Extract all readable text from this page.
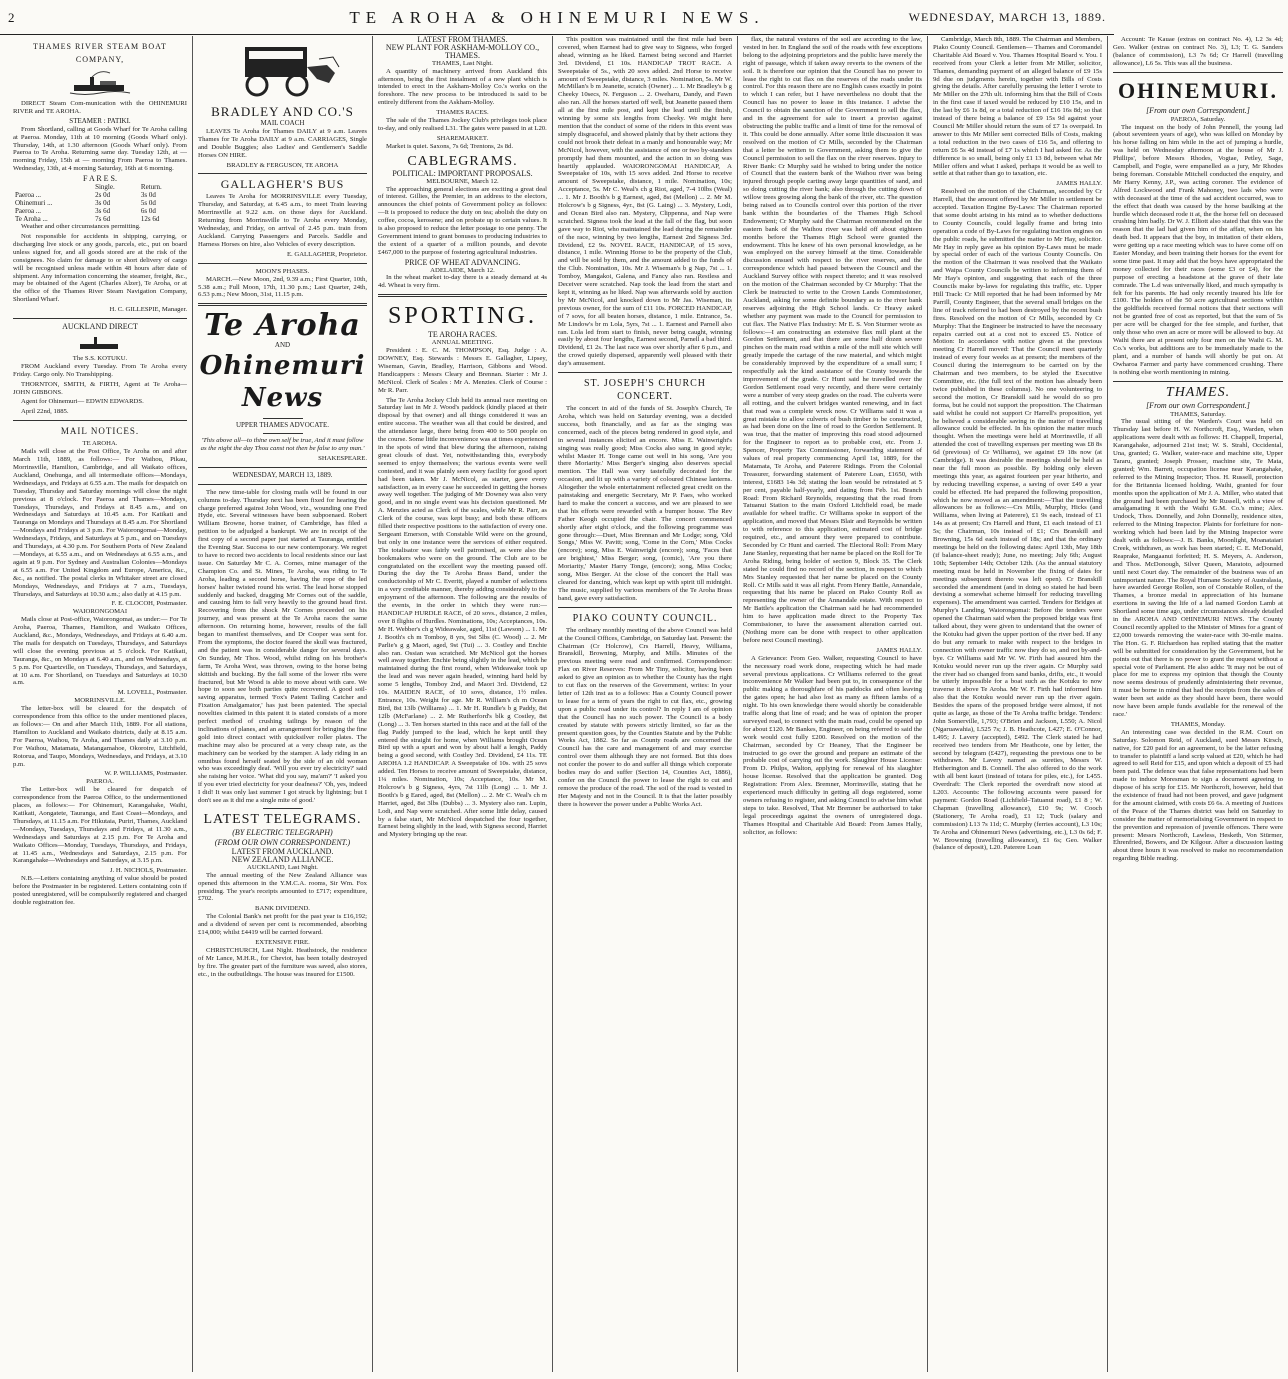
2	TE AROHA & OHINEMURI NEWS.	WEDNESDAY, MARCH 13, 1889.
THAMES RIVER STEAM BOAT COMPANY,

DIRECT Steam Com-munication with the OHINEMURI RIVER and TE AROHA.

STEAMER : PATIKI.

From Shortland, calling at Goods Wharf for Te Aroha calling at Paeroa. Monday, 11th at 10 morning (Goods Wharf only). Thursday, 14th, at 1.30 afternoon (Goods Wharf only). From Paeroa to Te Aroha. Returning same day. Tuesday 12th, at — morning Friday, 15th at — morning From Paeroa to Thames. Wednesday, 13th, at 4 morning Saturday, 16th at 6 morning.

F A R E S.
	Single.	Return.
Paeroa ...	2s 0d	3s 0d
Ohinemuri ...	3s 0d	5s 0d
Paeroa ...	3s 6d	6s 0d
Te Aroha ...	7s 6d	12s 6d

Weather and other circumstances permitting.

Not responsible for accidents in shipping, carrying, or discharging live stock or any goods, parcels, etc., put on board unless signed for, and all goods stored are at the risk of the consignees. No claim for damage to or short delivery of cargo will be recognised unless made within 48 hours after date of shipment. Any information concerning the steamer, freight, &c., may be obtained of the Agent (Charles Alzer), Te Aroha, or at the office of the Thames River Steam Navigation Company, Shortland Wharf.

H. C. GILLESPIE, Manager.
AUCKLAND DIRECT
The S.S. KOTUKU.

FROM Auckland every Tuesday. From Te Aroha every Friday. Cargo only. No Transhipping.

THORNTON, SMITH, & FIRTH, Agent at Te Aroha— JOHN GIBBONS.

Agent for Ohinemuri— EDWIN EDWARDS.

April 22nd, 1885.

MAIL NOTICES.
TE AROHA.

Mails will close at the Post Office, Te Aroha on and after March 11th, 1889, as follows:— For Waihou, Pikau, Morrinsville, Hamilton, Cambridge, and all Waikato offices, Auckland, Onehunga, and all intermediate offices—Mondays, Wednesdays, and Fridays at 6.55 a.m. The mails for despatch on Tuesday, Thursday and Saturday mornings will close the night previous at 8 o'clock. For Paeroa and Thames—Mondays, Tuesdays, Thursdays, and Fridays at 8.45 a.m., and on Wednesdays and Saturdays at 10.45 a.m. For Katikati and Tauranga on Mondays and Thursdays at 8.45 a.m. For Shortland—Mondays and Fridays at 3 p.m. For Waiorongomai—Monday, Wednesdays, Fridays, and Saturdays at 5 p.m., and on Tuesdays and Thursdays, at 4.30 p.m. For Southern Ports of New Zealand—Mondays, at 6.55 a.m., and on Wednesdays at 6.55 a.m., and again at 9 p.m. For Sydney and Australian Colonies—Mondays at 6.55 a.m. For United Kingdom and Europe, America, &c., &c., as notified. The postal clerks in Whitaker street are closed Mondays, Wednesdays, and Fridays at 7 a.m., Tuesdays, Thursdays, and Saturdays at 10.30 a.m.; also daily at 4.15 p.m.

F. E. CLOCOH, Postmaster.
WAIORONGOMAI

Mails close at Post-office, Waiorongomai, as under:— For Te Aroha, Paeroa, Thames, Hamilton, and Waikato Offices, Auckland, &c., Mondays, Wednesdays, and Fridays at 6.40 a.m. The mails for despatch on Tuesdays, Thursdays, and Saturdays will close the evening previous at 5 o'clock. For Katikati, Tauranga, &c., on Mondays at 6.40 a.m., and on Wednesdays, at 5 p.m. For Quartzville, on Tuesdays, Thursdays, and Saturdays, at 10 a.m. For Shortland, on Tuesdays and Saturdays at 10.30 a.m.

M. LOVELL, Postmaster.
MORRINSVILLE.

The letter-box will be cleared for the despatch of correspondence from this office to the under mentioned places, as follows:— On and after March 11th, 1889. For all stations, Hamilton to Auckland and Waikato districts, daily at 8.15 a.m. For Paeroa, Waihou, Te Aroha, and Thames daily at 3.10 p.m. For Waihou, Matamata, Matangamahoe, Okoroire, Litchfield, Rotorua, and Taupo, Mondays, Wednesdays, and Fridays, at 3.10 p.m.

W. P. WILLIAMS, Postmaster.
PAEROA.

The Letter-box will be cleared for despatch of correspondence from the Paeroa Office, to the undermentioned places, as follows:— For Ohinemuri, Karangahake, Waihi, Katikati, Aongatete, Tauranga, and East Coast—Mondays, and Thursdays, at 11.15 a.m. For Hikutaia, Puriri, Thames, Auckland—Mondays, Tuesdays, Thursdays and Fridays, at 11.30 a.m., Wednesdays and Saturdays at 2.15 p.m. For Te Aroha and Waikato Offices—Monday, Tuesdays, Thursdays, and Fridays, at 11.45 a.m., Wednesdays and Saturdays, 2.15 p.m. For Karangahake—Wednesdays and Saturdays, at 3.15 p.m.

J. H. NICHOLS, Postmaster.

N.B.—Letters containing anything of value should be posted before the Postmaster in be registered. Letters containing coin if posted unregistered, will be compulsorily registered and charged double registration fee.

BRADLEY AND CO.'S
MAIL COACH

LEAVES Te Aroha for Thames DAILY at 9 a.m. Leaves Thames for Te Aroha DAILY at 9 a.m. CARRIAGES, Single and Double Buggies; also Ladies' and Gentlemen's Saddle Horses ON HIRE.

BRADLEY & FERGUSON, TE AROHA
GALLAGHER'S BUS

Leaves Te Aroha for MORRINSVILLE every Tuesday, Thursday, and Saturday, at 6.45 a.m., to meet Train leaving Morrinsville at 9.22 a.m. on those days for Auckland. Returning from Morrinsville to Te Aroha every Monday, Wednesday, and Friday, on arrival of 2.45 p.m. train from Auckland. Carrying Passengers and Parcels. Saddle and Harness Horses on hire, also Vehicles of every description.

E. GALLAGHER, Proprietor.
MOON'S PHASES.

MARCH.—New Moon, 2nd, 9.39 a.m.; First Quarter, 10th, 5.38 a.m.; Full Moon, 17th, 11.30 p.m.; Last Quarter, 24th, 6.53 p.m.; New Moon, 31st, 11.15 p.m.

Te Aroha
AND
Ohinemuri News
UPPER THAMES ADVOCATE.

'This above all—to thine own self be true, And it must follow as the night the day Thou canst not then be false to any man.'

SHAKESPEARE.
WEDNESDAY, MARCH 13, 1889.

The new time-table for closing mails will be found in our columns to-day. Thursday next has been fixed for hearing the charge preferred against John Wood, viz., wounding one Fred Hyde, etc. Several witnesses have been subpoenaed. Robert William Browne, horse trainer, of Cambridge, has filed a petition to be adjudged a bankrupt. We are in receipt of the first copy of a second paper just started at Tauranga, entitled the Evening Star. Success to our new contemporary. We regret to have to record two accidents to local residents since our last issue. On Saturday Mr C. A. Cornes, mine manager of the Champion Co. and St. Mines, Te Aroha, was riding to Te Aroha, leading a second horse, having the rope of the led horses' halter twisted round his wrist. The lead horse stopped suddenly and backed, dragging Mr Cornes out of the saddle, and causing him to fall very heavily to the ground head first. Recovering from the shock Mr Cornes proceeded on his journey, and was present at the Te Aroha races the same afternoon. On returning home, however, results of the fall began to manifest themselves, and Dr Cooper was sent for. From the symptoms, the doctor feared the skull was fractured, and the patient was in considerable danger for several days. On Sunday, Mr Thos. Wood, whilst riding on his brother's farm, Te Aroha West, was thrown, owing to the horse being skittish and bucking. By the fall some of the lower ribs were fractured, but Mr Wood is able to move about with care. We hope to soon see both parties quite recovered. A good soil-saving apparatus, termed 'Fox's Patent Tailing Catcher and Fixation Amalgamator,' has just been patented. The special novelties claimed in this patent it is stated consists of a more perfect method of crushing tailings by reason of the inclinations of planes, and an arrangement for bringing the fine gold into direct contact with quicksilver roller plates. The machine may also be procured at a very cheap rate, as the machinery can be worked by the stamper. A lady riding in an omnibus found herself seated by the side of an old woman who was exceedingly deaf. 'Will you ever try electricity?' said she raising her voice. 'What did you say, ma'am?' 'I asked you if you ever tried electricity for your deafness?' 'Oh, yes, indeed I did! It was only last summer I got struck by lightning; but I don't see as it did me a single mite of good.'

LATEST TELEGRAMS.
(BY ELECTRIC TELEGRAPH)
(FROM OUR OWN CORRESPONDENT.)
LATEST FROM AUCKLAND.
NEW ZEALAND ALLIANCE.
AUCKLAND, Last Night.

The annual meeting of the New Zealand Alliance was opened this afternoon in the Y.M.C.A. rooms, Sir Wm. Fox presiding. The year's receipts amounted to £717; expenditure, £702.

BANK DIVIDEND.

The Colonial Bank's net profit for the past year is £16,192; and a dividend of seven per cent is recommended, absorbing £14,000; whilst £4419 will be carried forward.

EXTENSIVE FIRE.

CHRISTCHURCH, Last Night. Heathstock, the residence of Mr Lance, M.H.R., for Cheviot, has been totally destroyed by fire. The greater part of the furniture was saved, also stores, etc., in the outbuildings. The house was insured for £1500.

LATEST FROM THAMES.
NEW PLANT FOR ASKHAM-MOLLOY CO., THAMES.
THAMES, Last Night.

A quantity of machinery arrived from Auckland this afternoon, being the first instalment of a new plant which is intended to erect in the Askham-Molloy Co.'s works on the foreshore. The new process to be introduced is said to be entirely different from the Askham-Molloy.

THAMES RACES.

The sale of the Thames Jockey Club's privileges took place to-day, and only realised L31. The gates were passed in at L20.

SHAREMARKET.

Market is quiet. Saxons, 7s 6d; Trentons, 2s 8d.

CABLEGRAMS.
POLITICAL: IMPORTANT PROPOSALS.
MELBOURNE, March 12.

The approaching general elections are exciting a great deal of interest. Gillies, the Premier, in an address to the electors, announces the chief points of Government policy as follows:—It is proposed to reduce the duty on tea; abolish the duty on coffee, cocoa, kerosene; and on probate up to certain values. It is also proposed to reduce the letter postage to one penny. The Government intend to grant bonuses to producing industries to the extent of a quarter of a million pounds, and devote £467,000 to the purpose of fostering agricultural industries.

PRICE OF WHEAT ADVANCING.
ADELAIDE, March 12.

In the wheat market to-day there is a steady demand at 4s 4d. Wheat is very firm.

SPORTING.
TE AROHA RACES.
ANNUAL MEETING.

President : E. C. M. THOMPSON, Esq. Judge : A. DOWNEY, Esq. Stewards : Messrs E. Gallagher, Lipsey, Wiseman, Gavin, Bradley, Harrison, Gibbons and Wood. Handicappers : Messrs Cleary and Brennan. Starter : Mr J. McNicol. Clerk of Scales : Mr A. Menzies. Clerk of Course : Mr R. Parr.

The Te Aroha Jockey Club held its annual race meeting on Saturday last in Mr J. Wood's paddock (kindly placed at their disposal by that owner) and all things considered it was an entire success. The weather was all that could be desired, and the attendance large, there being from 400 to 500 people on the course. Some little inconvenience was at times experienced in the spots of wind that blew during the afternoon, raising great clouds of dust. Yet, notwithstanding this, everybody seemed to enjoy themselves; the various events were well contested, and it was plainly seen every facility for good sport had been taken. Mr J. McNicol, as starter, gave every satisfaction, as in every case he succeeded in getting the horses away well together. The judging of Mr Downey was also very good, and in no single event was his decision questioned. Mr A. Menzies acted as Clerk of the scales, while Mr R. Parr, as Clerk of the course, was kept busy; and both these officers filled their respective positions to the satisfaction of every one. Sergeant Emerson, with Constable Wild were on the ground, but only in one instance were the services of either required. The totalisator was fairly well patronised, as were also the bookmakers who were on the ground. The Club are to be congratulated on the excellent way the meeting passed off. During the day the Te Aroha Brass Band, under the conductorship of Mr C. Everitt, played a number of selections in a very creditable manner, thereby adding considerably to the enjoyment of the afternoon. The following are the results of the events, in the order in which they were run:— HANDICAP HURDLE RACE, of 20 sovs., distance, 2 miles, over 8 flights of Hurdles. Nominations, 10s; Acceptances, 10s. Mr H. Webber's ch g Wideawake, aged, 11st (Lawson) ... 1. Mr J. Booth's ch m Tomboy, 8 yrs, 9st 5lbs (C. Wood) ... 2. Mr Parlie's g g Maori, aged, 9st (Tui) ... 3. Costley and Enchie also ran. Ossian was scratched. Mr McNicol got the horses well away together. Enchie being slightly in the lead, which he maintained during the first round, when Wideawake took up the lead and was never again headed, winning hard held by some 5 lengths, Tomboy 2nd, and Maori 3rd. Dividend, £2 10s. MAIDEN RACE, of 10 sovs, distance, 1½ miles. Entrance, 10s. Weight for age. Mr R. William's ch m Ocean Bird, 8st 13lb (Williams) ... 1. Mr H. Rundle's b g Paddy, 8st 12lb (McFarlane) ... 2. Mr Rutherford's blk g Costley, 8st (Long) ... 3. Ten horses started in this race and at the fall of the flag Paddy jumped to the lead, which he kept until they entered the straight for home, when Williams brought Ocean Bird up with a spurt and won by about half a length, Paddy being a good second, with Costley 3rd. Dividend, £4 11s. TE AROHA 1.2 HANDICAP. A Sweepstake of 10s. with 25 sovs added. Ten Horses to receive amount of Sweepstake, distance, 1¼ miles. Nomination, 10s; Acceptance, 10s. Mr M. Holcrow's b g Signess, 4yrs, 7st 11lb (Long) ... 1. Mr J. Booth's b g Eared, aged, 8st (Mellon) ... 2. Mr C. Weal's ch m Harriet, aged, 8st 3lbs (Dubbs) ... 3. Mystery also ran. Lupin, Lodi, and Nap were scratched. After some little delay, caused by a false start, Mr McNicol despatched the four together, Earnest being slightly in the lead, with Signess second, Harriet and Mystery bringing up the rear.

This position was maintained until the first mile had been covered, when Earnest had to give way to Signess, who forged ahead, winning as he liked. Earnest being second and Harriet 3rd. Dividend, £1 10s. HANDICAP TROT RACE. A Sweepstake of 5s., with 20 sovs added. 2nd Horse to receive amount of Sweepstake, distance, 3 miles. Nomination, 5s. Mr W. McMillan's b m Jeanette, scratch (Owner) ... 1. Mr Bradley's b g Cheeky 10secs, N. Ferguson ... 2. Oweharu, Dandy, and Fawn also ran. All the horses started off well, but Jeanette passed them all at the first mile post, and kept the lead until the finish, winning by some six lengths from Cheeky. We might here mention that the conduct of some of the riders in this event was simply disgraceful, and showed plainly that by their actions they could not brook their defeat in a manly and honourable way; Mr McNicol, however, with the assistance of one or two by-standers promptly had them mounted, and the action in so doing was heartily applauded. WAIORONGOMAI HANDICAP, A Sweepstake of 10s, with 15 sovs added. 2nd Horse to receive amount of Sweepstake, distance, 1 mile. Nomination, 10s; Acceptance, 5s. Mr C. Weal's ch g Riot, aged, 7-4 10lbs (Weal) ... 1. Mr J. Booth's b g Earnest, aged, 8st (Mellon) ... 2. Mr M. Holcrow's b g Signess, 4yr., 8st (G. Laing) ... 3. Mystery, Lodi, and Ocean Bird also ran. Mystery, Clippenna, and Nap were scratched. Signess took the lead at the fall of the flag, but soon gave way to Riot, who maintained the lead during the remainder of the race, winning by two lengths, Earnest 2nd Signess 3rd. Dividend, £2 9s. NOVEL RACE, HANDICAP, of 15 sovs, distance, 1 mile. Winning Horse to be the property of the Club, and will be sold by them, and the amount added to the funds of the Club. Nomination, 10s. Mr J. Wiseman's b g Nap, 7st ... 1. Tomboy, Mangakoi, Galena, and Fancy also ran. Restless and Deceiver were scratched. Nap took the lead from the start and kept it, winning as he liked. Nap was afterwards sold by auction by Mr McNicol, and knocked down to Mr Jas. Wiseman, its previous owner, for the sum of £11 10s. FORCED HANDICAP, of 7 sovs, for all beaten horses, distance, 1 mile. Entrance, 5s. Mr Lindow's br m Lola, 5yrs, 7st ... 1. Earnest and Parnell also ran. Lola led from start to finish, never being caught, winning easily by about four lengths, Earnest second, Parnell a bad third. Dividend, £1 2s. The last race was over shortly after 6 p.m., and the crowd quietly dispersed, apparently well pleased with their day's amusement.

ST. JOSEPH'S CHURCH CONCERT.

The concert in aid of the funds of St. Joseph's Church, Te Aroha, which was held on Saturday evening, was a decided success, both financially, and as far as the singing was concerned, each of the pieces being rendered in good style, and in several instances elicited an encore. Miss E. Wainwright's singing was really good; Miss Cocks also sang in good style; whilst Master H. Tonge came out well in his song, 'Are you there Moriarity.' Miss Berger's singing also deserves special mention. The Hall was very tastefully decorated for the occasion, and lit up with a variety of coloured Chinese lanterns. Altogether the whole entertainment reflected great credit on the painstaking and energetic Secretary, Mr P. Faes, who worked hard to make the concert a success, and we are pleased to see that his efforts were rewarded with a bumper house. The Rev Father Keogh occupied the chair. The concert commenced shortly after eight o'clock, and the following programme was gone through:—Duet, Miss Brennan and Mr Lodge; song, 'Old Songs,' Miss W. Pavitt; song, 'Come in the Corn,' Miss Cocks (encore); song, Miss E. Wainwright (encore); song, 'Faces that are brightest,' Miss Berger; song, (comic), 'Are you there Moriarity,' Master Harry Tonge, (encore); song, Miss Cocks; song, Miss Berger. At the close of the concert the Hall was cleared for dancing, which was kept up with spirit till midnight. The music, supplied by various members of the Te Aroha Brass band, gave every satisfaction.

PIAKO COUNTY COUNCIL.

The ordinary monthly meeting of the above Council was held at the Council Offices, Cambridge, on Saturday last. Present: the Chairman (Cr Holcrow), Crs Harrell, Heavy, Williams, Branskill, Browning, Murphy, and Mills. Minutes of the previous meeting were read and confirmed. Correspondence: Flax on River Reserves: From Mr Tiny, solicitor, having been asked to give an opinion as to whether the County has the right to cut flax on the reserves of the Government, writes: In your letter of 12th inst as to a follows: Has a County Council power to lease for a term of years the right to cut flax, etc., growing upon a public road under its control? In reply I am of opinion that the Council has no such power. The Council is a body created by statute with powers strictly limited, so far as the present question goes, by the Counties Statute and by the Public Works Act, 1882. So far as County roads are concerned the Council has the care and management of and may exercise control over them although they are not formed. But this does not confer the power to do and suffer all things which corporate bodies may do and suffer (Section 14, Counties Act, 1886), confer on the Council the power to lease the right to cut and remove the produce of the road. The soil of the road is vested in Her Majesty and not in the Council. It is that the latter possibly there is however the power under a Public Works Act.

flax, the natural vestures of the soil are according to the law, vested in her. In England the soil of the roads with few exceptions belong to the adjoining proprietors and the public have merely the right of passage, which if taken away reverts to the owners of the soil. It is therefore our opinion that the Council has no power to lease the right to cut flax on the reserves of the roads under its control. For this reason there are no English cases exactly in point to which I can refer, but I have nevertheless no doubt that the Council has no power to lease in this instance. I advise the Council to obtain the sanction of the Government to sell the flax, and in the agreement for sale to insert a proviso against obstructing the public traffic and a limit of time for the removal of it. This could be done annually. After some little discussion it was resolved on the motion of Cr Mills, seconded by the Chairman that a letter be written to Government, asking them to give the Council permission to sell the flax on the river reserves. Injury to River Bank: Cr Murphy said he wished to bring under the notice of Council that the eastern bank of the Waihou river was being injured through people carting away large quantities of sand, and so doing cutting the river bank; also through the cutting down of willow trees growing along the bank of the river, etc. The question being raised as to Councils control over this portion of the river bank within the boundaries of the Thames High School Endowment; Cr Murphy said the Chairman recommended on the eastern bank of the Waihou river was held off about eighteen months before the Thames High School were granted the endowment. This he knew of his own personal knowledge, as he was employed on the survey himself at the time. Considerable discussion ensued with respect to the river reserves, and the correspondence which had passed between the Council and the Auckland Survey office with respect thereto; and it was resolved on the motion of the Chairman seconded by Cr Murphy: That the Clerk be instructed to write to the Crown Lands Commissioner, Auckland, asking for some definite boundary as to the river bank reserves adjoining the High School lands. Cr Heavy asked whether any payment was made to the Council for permission to cut flax. The Native Flax Industry: Mr E. S. Von Sturmer wrote as follows:—I am constructing an extensive flax mill plant at the Gordon Settlement, and that there are some half dozen severe pinches on the main road within a mile of the mill site which will greatly impede the cartage of the raw material, and which might be considerably improved by the expenditure of a small sum; I respectfully ask the kind assistance of the County towards the improvement of the grade. Cr Hunt said he travelled over the Gordon Settlement road very recently, and there were certainly were a number of very steep grades on the road. The culverts were all rotting, and the culvert bridges wanted renewing, and in fact that road was a complete wreck now. Cr Williams said it was a great mistake to allow culverts of bush timber to be constructed, as had been done on the line of road to the Gordon Settlement. It was true, that the matter of improving this road stood adjourned for the Engineer to report as to probable cost, etc. From J. Spencer, Property Tax Commissioner, forwarding statement of values of real property commencing April 1st, 1889, for the Matamata, Te Aroha, and Paterere Ridings. From the Colonial Treasurer, forwarding statement of Paterere Loan, £1650, with interest, £1683 14s 3d; stating the loan would be reinstated at 5 per cent, payable half-yearly, and dating from Feb. 1st. Branch Road: From Richard Reynolds, requesting that the road from Tatuanui Station to the main Oxford Litchfield road, be made available for wheel traffic. Cr Williams spoke in support of the application, and moved that Messrs Blair and Reynolds be written to with reference to this application, estimated cost of bridge required, etc., and amount they were prepared to contribute. Seconded by Cr Hunt and carried. The Electoral Roll: From Mary Jane Stanley, requesting that her name be placed on the Roll for Te Aroha Riding, being holder of section 9, Block 35. The Clerk stated he could find no record of the section, in respect to which Mrs Stanley requested that her name be placed on the County Roll. Cr Mills said it was all right. From Henry Battle, Annandale, requesting that his name be placed on Piako County Roll as representing the owner of the Annandale estate. With respect to Mr Battle's application the Chairman said he had recommended him to have application made direct to the Property Tax Commissioner, to have the assessment alteration carried out. (Nothing more can be done with respect to other application before next Council meeting).

JAMES HALLY.

A Grievance: From Geo. Walker, requesting Council to have the necessary road work done, respecting which he had made several previous applications. Cr Williams referred to the great inconvenience Mr Walker had been put to, in consequence of the public making a thoroughfare of his paddocks and often leaving the gates open; he had also lost as many as fifteen lambs of a night. To his own knowledge there would shortly be considerable traffic along that line of road; and he was of opinion the proper surveyed road, to connect with the main road, could be opened up for about £120. Mr Bankes, Engineer, on being referred to said the work would cost fully £200. Resolved on the motion of the Chairman, seconded by Cr Heaney, That the Engineer be instructed to go over the ground and prepare an estimate of the probable cost of carrying out the work. Slaughter House License: From D. Philps, Walton, applying for renewal of his slaughter house license. Resolved that the application be granted. Dog Registration: From Alex. Bremner, Morrinsville, stating that he experienced much difficulty in getting all dogs registered, some owners refusing to register, and asking Council to advise him what steps to take. Resolved, That Mr Bremner be authorised to take legal proceedings against the owners of unregistered dogs. Thames Hospital and Charitable Aid Board: From James Hally, solicitor, as follows:

Cambridge, March 8th, 1889. The Chairman and Members, Piako County Council. Gentlemen— Thames and Coromandel Charitable Aid Board v. You. Thames Hospital Board v. You. I received from your Clerk a letter from Mr Miller, solicitor, Thames, demanding payment of an alleged balance of £9 15s 9d due on judgments herein, together with Bills of Costs giving the details. After carefully perusing the letter I wrote to Mr Miller on the 27th ult. informing him that the Bill of Costs in the first case if taxed would be reduced by £10 15s, and in the last by £6 1s 8d, or a total reduction of £16 16s 8d; so that instead of there being a balance of £9 15s 9d against your Council Mr Miller should return the sum of £7 1s overpaid. In answer to this Mr Miller sent corrected Bills of Costs, making a total reduction in the two cases of £16 5s, and offering to return £6 5s 4d instead of £7 1s which I had asked for. As the difference is so small, being only £1 13 8d, between what Mr Miller offers and what I asked, perhaps it would be as well to settle at that rather than go to taxation, etc.

JAMES HALLY.

Resolved on the motion of the Chairman, seconded by Cr Harrell, that the amount offered by Mr Miller in settlement be accepted. Taxation Engine By-Laws: The Chairman reported that some doubt arising in his mind as to whether deductions to County Councils, could legally frame and bring into operation a code of By-Laws for regulating traction engines on the public roads, he submitted the matter to Mr Hay, solicitor. Mr Hay in reply gave as his opinion By-Laws must be made by special order of each of the various County Councils. On the motion of the Chairman it was resolved that the Waikato and Waipa County Councils be written to informing them of Mr Hay's opinion, and suggesting that each of the three Councils make by-laws for regulating this traffic, etc. Upper Hill Track: Cr Mill reported that he had been informed by Mr Parrill, County Engineer, that the several small bridges on the line of track referred to had been destroyed by the recent bush fires. Resolved on the motion of Cr Mills, seconded by Cr Murphy: That the Engineer be instructed to have the necessary repairs carried out at a cost not to exceed £5. Notice of Motion: In accordance with notice given at the previous meeting Cr Harrell moved: That the Council meet quarterly instead of every four weeks as at present; the members of the Council during the interregnum to be carried on by the Chairman and two members, to be styled the Executive Committee, etc. (the full text of the motion has already been twice published in these columns). No one volunteering to second the motion, Cr Branskill said he would do so pro forma, but he could not support the proposition. The Chairman said whilst he could not support Cr Harrell's proposition, yet he believed a considerable saving in the matter of travelling allowance could be effected. In his opinion the matter much thought. When the meetings were held at Morrinsville, if all attended the cost of travelling expenses per meeting was £8 8s 6d (previous) of Cr Williams), we against £9 18s now (at Cambridge). It was desirable the meetings should be held as near the full moon as possible. By holding only eleven meetings this year, as against fourteen per year hitherto, and by reducing travelling expense, a saving of over £49 a year could be effected. He had prepared the following proposition, which he now moved as an amendment:—That the travelling allowances be as follows:—Crs Mills, Murphy, Hicks (and Williams, when living at Paterere), £1 9s each, instead of £1 14s as at present; Crs Harrell and Hunt, £1 each instead of £1 5s; the Chairman, 10s instead of £1; Crs Branskill and Browning, 15s 6d each instead of 18s; and that the ordinary meetings be held on the following dates: April 13th, May 18th (if balance-sheet ready); June, no meeting; July 6th; August 10th; September 14th; October 12th. (As the annual statutory meeting must be held in November the fixing of dates for meetings subsequent thereto was left open). Cr Branskill seconded the amendment (and in doing so stated he had been devising a somewhat scheme himself for reducing travelling expenses). The amendment was carried. Tenders for Bridges at Murphy's Landing, Waiorongomai: Before the tenders were opened the Chairman said when the proposed bridge was first talked about, they were given to understand that the owner of the Kotuku had given the upper portion of the river bed. If any do but any remark to make with respect to the bridges in connection with owner traffic now they do so, and not by-and-bye. Cr Williams said Mr W. W. Firth had assured him the Kotuku would never run up the river again. Cr Murphy said the river had so changed from sand banks, drifts, etc., it would be utterly impossible for a boat such as the Kotuku to now traverse it above Te Aroha. Mr W. F. Firth had informed him also that the Kotuku would never run up the river again. Besides the spans of the proposed bridge were almost, if not quite as large, as those of the Te Aroha traffic bridge. Tenders: John Somerville, 1,793; O'Brien and Jackson, L550; A. Nicol (Ngaruawahia), L525 7s; J. B. Heathcote, L427; E. O'Connor, L495; J. Lavery (accepted), £492. The Clerk stated he had received two tenders from Mr Heathcote, one by letter, the second by telegram (£427), requesting the previous one to be withdrawn. Mr Lavery named as sureties, Messrs W. Hetherington and B. Connell. The also offered to do the work with all bent kauri (instead of totara for piles, etc.), for L455. Overdraft: The Clerk reported the overdraft now stood at L203. Accounts: The following accounts were passed for payment: Gordon Road (Lichfield–Tatuanui road), £1 8 ; W. Chapman (travelling allowance), £10 9s; W. Cooch (Stationery, Te Aroha road), £1 12; Tuck (salary and commission) L13 7s 11d; C. Murphy (ferries account), L3 10s; Te Aroha and Ohinemuri News (advertising, etc.), L3 0s 6d; F. W. Browning (travelling allowance), £1 6s; Geo. Walker (balance of deposit), L20. Paterere Loan

Account: Te Kauae (extras on contract No. 4), L2 3s 4d; Geo. Walker (extras on contract No. 3), L3; T. G. Sanders (balance of commission), L3 7s 6d; Cr Harrell (travelling allowance), L6 5s. This was all the business.

OHINEMURI.
[From our own Correspondent.]
PAEROA, Saturday.

The inquest on the body of John Pennell, the young lad (about seventeen years of age), who was killed on Monday by his horse falling on him while in the act of jumping a hurdle, was held on Wednesday afternoon at the house of Mr J. Phillips', before Messrs Rhodes, Vogtae, Petley, Sage, Campbell, and Fogie, were empanelled as a jury, Mr Rhodes being foreman. Constable Mitchell conducted the enquiry, and Mr Harry Kenny, J.P., was acting coroner. The evidence of Alfred Lockwood and Frank Mahoney, two lads who were with deceased at the time of the sad accident occurred, was to the effect that death was caused by the horse baulking at the hurdle which deceased rode it at, the the horse fell on deceased crushing him badly. Dr W. J. Elliott also stated that this was the reason that the lad had given him of the affair, when on his death bed. It appears that the boy, in imitation of their elders, were getting up a race meeting which was to have come off on Easter Monday, and been training their horses for the event for some time past. It may add that the boys have appropriated the money collected for their races (some £3 or £4), for the purpose of erecting a headstone at the grave of their late comrade. The L.d was universally liked, and much sympathy is felt for his parents. He had only recently insured his life for £100. The holders of the 50 acre agricultural sections within the goldfields received formal notices that their sections will not be granted free of cost as reported, but that the sum of 5s per acre will be charged for the fee simple, and further, that only those who own an acre or more will be allowed to buy. At Waihi there are at present only four men on the Waihi G. M. Co.'s works, but additions are to be immediately made to the plant, and a number of hands will shortly be put on. At Owharoa Farmer and party have commenced crushing. There is nothing else worth mentioning in mining.

THAMES.
[From our own Correspondent.]
THAMES, Saturday.

The usual sitting of the Warden's Court was held on Thursday last before H. W. Northcroft, Esq., Warden, when applications were dealt with as follows: H. Chappell, Imperial, Karangahake, adjourned 21st inst; W. S. Strahl, Occidental, Una, granted; G. Walker, water-race and machine site, Upper Tararu, granted; Joseph Prosser, machine site, Te Mata, granted; Wm. Barrett, occupation license near Karangahake, referred to the Mining Inspector; Thos. H. Russell, protection for the Britannia licensed holding. Waihi, granted for four months upon the application of Mr J. A. Miller, who stated that the ground had been purchased by Mr Russell, with a view of amalgamating it with the Waihi G.M. Co.'s mine; Alex. Undock, Thos. Donnelly, and John Donnelly, residence sites, referred to the Mining Inspector. Plaints for forfeiture for non-working which had been laid by the Mining Inspector were dealt with as follows:—J. B. Banks, Moonlight, Moanataiari Creek, withdrawn, as work has been started; C. E. McDonald, Reaprake, Mangaanui forfeited; H. S. Meyers, A. Anderson, and Thos. McDonough, Silver Queen, Maratoto, adjourned until next Court day. The remainder of the business was of an unimportant nature. The Royal Humane Society of Australasia, have awarded George Rollen, son of Constable Rollen, of the Thames, a bronze medal in appreciation of his humane exertions in saving the life of a lad named Gordon Lamb at Shortland some time ago, under circumstances already detailed in the AROHA AND OHINEMURI NEWS. The County Council recently applied to the Minister of Mines for a grant of £2,000 towards removing the water-race with 30-mile mains. The Hon. G. F. Richardson has replied stating that the matter will be submitted for consideration by the Government, but he points out that there is no power to grant the request without a special vote of Parliament. He also adds: 'It may not be out of place for me to express my opinion that though the County now seems desirous of prudently administering their revenue, it must be borne in mind that had the receipts from the sales of water been set aside as they should have been, there would now have been ample funds available for the renewal of the race.'

THAMES, Monday.

An interesting case was decided in the R.M. Court on Saturday. Solomon Reid, of Auckland, sued Messrs Kirsch, native, for £20 paid for an agreement, to be the latter refusing to transfer to plaintiff a land scrip valued at £20, which he had agreed to sell Reid for £15, and upon which a deposit of £5 had been paid. The defence was that false representations had been made to induce Moresman to sign a document agreeing to dispose of his scrip for £15. Mr Northcroft, however, held that the existence of fraud had not been proved, and gave judgment for the amount claimed, with costs £6 6s. A meeting of Justices of the Peace of the Thames district was held on Saturday to consider the matter of memorialising Government in respect to the prevention and repression of juvenile offences. There were present: Messrs Northcroft, Lawless, Hesketh, Von Stürmer, Ehrenfried, Bowers, and Dr Kilgour. After a discussion lasting about three hours it was resolved to make no recommendation regarding Bible reading.
